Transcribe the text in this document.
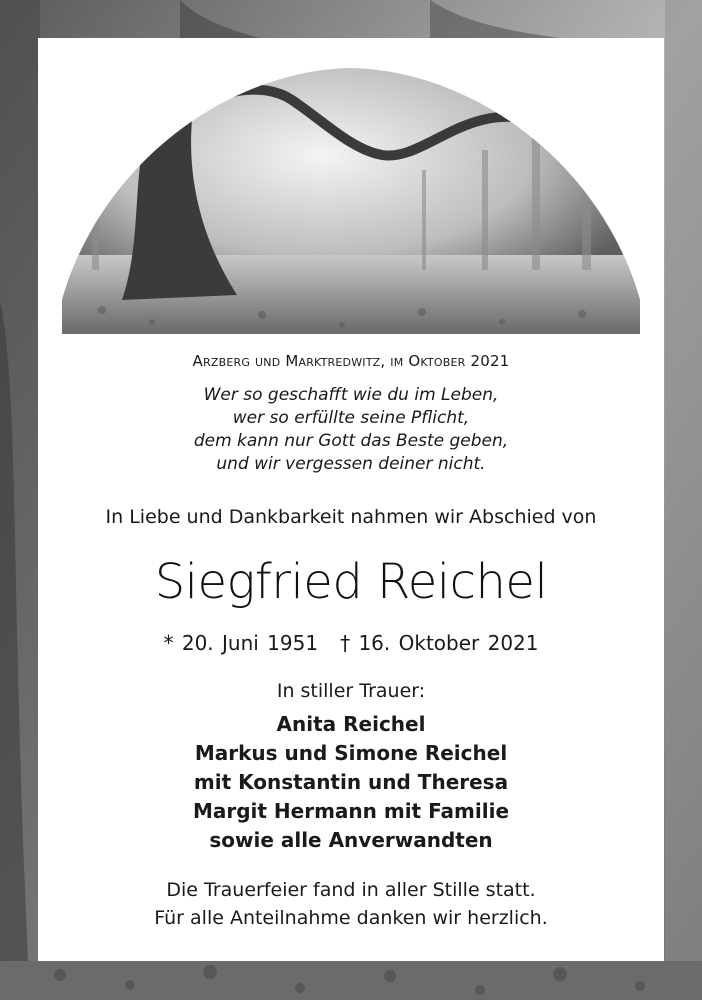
Arzberg und Marktredwitz, im Oktober 2021
Wer so geschafft wie du im Leben,
wer so erfüllte seine Pflicht,
dem kann nur Gott das Beste geben,
und wir vergessen deiner nicht.
In Liebe und Dankbarkeit nahmen wir Abschied von
Siegfried Reichel
* 20. Juni 1951 † 16. Oktober 2021
In stiller Trauer:
Anita Reichel
Markus und Simone Reichel
mit Konstantin und Theresa
Margit Hermann mit Familie
sowie alle Anverwandten
Die Trauerfeier fand in aller Stille statt.
Für alle Anteilnahme danken wir herzlich.
